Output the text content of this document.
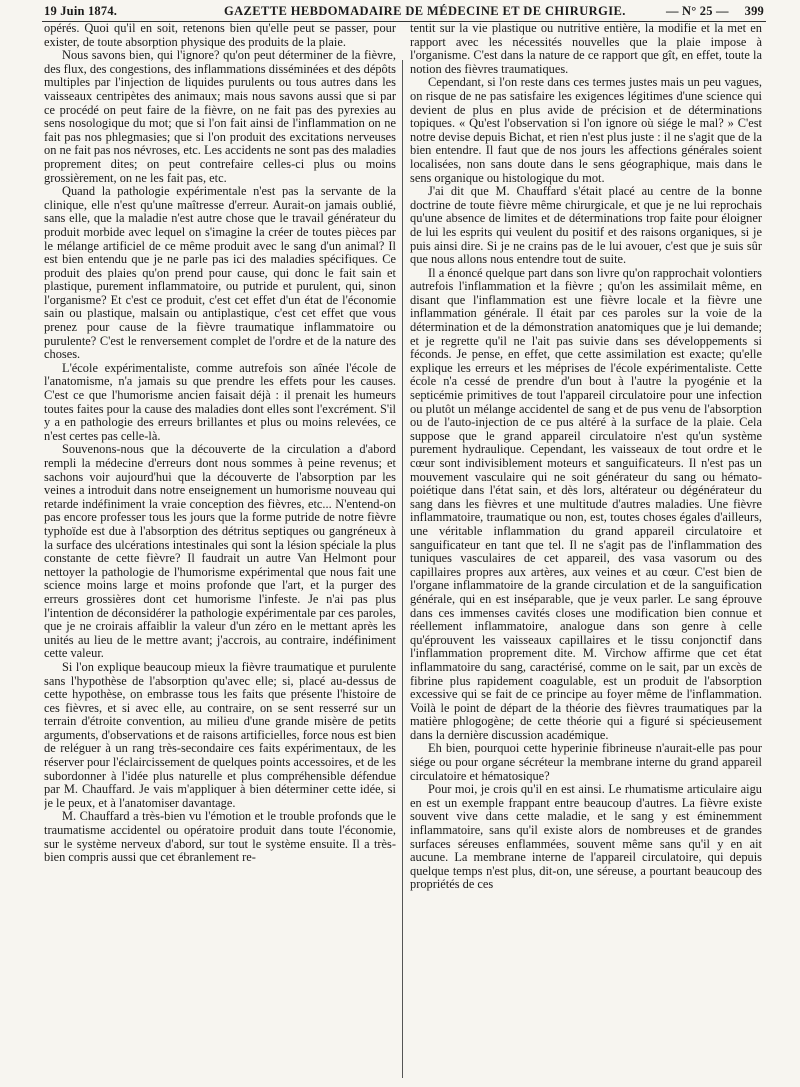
19 Juin 1874.	GAZETTE HEBDOMADAIRE DE MÉDECINE ET DE CHIRURGIE.	— N° 25 — 399

opérés. Quoi qu'il en soit, retenons bien qu'elle peut se passer, pour exister, de toute absorption physique des produits de la plaie.

Nous savons bien, qui l'ignore? qu'on peut déterminer de la fièvre, des flux, des congestions, des inflammations disséminées et des dépôts multiples par l'injection de liquides purulents ou tous autres dans les vaisseaux centripètes des animaux; mais nous savons aussi que si par ce procédé on peut faire de la fièvre, on ne fait pas des pyrexies au sens nosologique du mot; que si l'on fait ainsi de l'inflammation on ne fait pas nos phlegmasies; que si l'on produit des excitations nerveuses on ne fait pas nos névroses, etc. Les accidents ne sont pas des maladies proprement dites; on peut contrefaire celles-ci plus ou moins grossièrement, on ne les fait pas, etc.

Quand la pathologie expérimentale n'est pas la servante de la clinique, elle n'est qu'une maîtresse d'erreur. Aurait-on jamais oublié, sans elle, que la maladie n'est autre chose que le travail générateur du produit morbide avec lequel on s'imagine la créer de toutes pièces par le mélange artificiel de ce même produit avec le sang d'un animal? Il est bien entendu que je ne parle pas ici des maladies spécifiques. Ce produit des plaies qu'on prend pour cause, qui donc le fait sain et plastique, purement inflammatoire, ou putride et purulent, qui, sinon l'organisme? Et c'est ce produit, c'est cet effet d'un état de l'économie sain ou plastique, malsain ou antiplastique, c'est cet effet que vous prenez pour cause de la fièvre traumatique inflammatoire ou purulente? C'est le renversement complet de l'ordre et de la nature des choses.

L'école expérimentaliste, comme autrefois son aînée l'école de l'anatomisme, n'a jamais su que prendre les effets pour les causes. C'est ce que l'humorisme ancien faisait déjà : il prenait les humeurs toutes faites pour la cause des maladies dont elles sont l'excrément. S'il y a en pathologie des erreurs brillantes et plus ou moins relevées, ce n'est certes pas celle-là.

Souvenons-nous que la découverte de la circulation a d'abord rempli la médecine d'erreurs dont nous sommes à peine revenus; et sachons voir aujourd'hui que la découverte de l'absorption par les veines a introduit dans notre enseignement un humorisme nouveau qui retarde indéfiniment la vraie conception des fièvres, etc... N'entend-on pas encore professer tous les jours que la forme putride de notre fièvre typhoïde est due à l'absorption des détritus septiques ou gangréneux à la surface des ulcérations intestinales qui sont la lésion spéciale la plus constante de cette fièvre? Il faudrait un autre Van Helmont pour nettoyer la pathologie de l'humorisme expérimental que nous fait une science moins large et moins profonde que l'art, et la purger des erreurs grossières dont cet humorisme l'infeste. Je n'ai pas plus l'intention de déconsidérer la pathologie expérimentale par ces paroles, que je ne croirais affaiblir la valeur d'un zéro en le mettant après les unités au lieu de le mettre avant; j'accrois, au contraire, indéfiniment cette valeur.

Si l'on explique beaucoup mieux la fièvre traumatique et purulente sans l'hypothèse de l'absorption qu'avec elle; si, placé au-dessus de cette hypothèse, on embrasse tous les faits que présente l'histoire de ces fièvres, et si avec elle, au contraire, on se sent resserré sur un terrain d'étroite convention, au milieu d'une grande misère de petits arguments, d'observations et de raisons artificielles, force nous est bien de reléguer à un rang très-secondaire ces faits expérimentaux, de les réserver pour l'éclaircissement de quelques points accessoires, et de les subordonner à l'idée plus naturelle et plus compréhensible défendue par M. Chauffard. Je vais m'appliquer à bien déterminer cette idée, si je le peux, et à l'anatomiser davantage.

M. Chauffard a très-bien vu l'émotion et le trouble profonds que le traumatisme accidentel ou opératoire produit dans toute l'économie, sur le système nerveux d'abord, sur tout le système ensuite. Il a très-bien compris aussi que cet ébranlement re-

tentit sur la vie plastique ou nutritive entière, la modifie et la met en rapport avec les nécessités nouvelles que la plaie impose à l'organisme. C'est dans la nature de ce rapport que gît, en effet, toute la notion des fièvres traumatiques.

Cependant, si l'on reste dans ces termes justes mais un peu vagues, on risque de ne pas satisfaire les exigences légitimes d'une science qui devient de plus en plus avide de précision et de déterminations topiques. « Qu'est l'observation si l'on ignore où siége le mal? » C'est notre devise depuis Bichat, et rien n'est plus juste : il ne s'agit que de la bien entendre. Il faut que de nos jours les affections générales soient localisées, non sans doute dans le sens géographique, mais dans le sens organique ou histologique du mot.

J'ai dit que M. Chauffard s'était placé au centre de la bonne doctrine de toute fièvre même chirurgicale, et que je ne lui reprochais qu'une absence de limites et de déterminations trop faite pour éloigner de lui les esprits qui veulent du positif et des raisons organiques, si je puis ainsi dire. Si je ne crains pas de le lui avouer, c'est que je suis sûr que nous allons nous entendre tout de suite.

Il a énoncé quelque part dans son livre qu'on rapprochait volontiers autrefois l'inflammation et la fièvre ; qu'on les assimilait même, en disant que l'inflammation est une fièvre locale et la fièvre une inflammation générale. Il était par ces paroles sur la voie de la détermination et de la démonstration anatomiques que je lui demande; et je regrette qu'il ne l'ait pas suivie dans ses développements si féconds. Je pense, en effet, que cette assimilation est exacte; qu'elle explique les erreurs et les méprises de l'école expérimentaliste. Cette école n'a cessé de prendre d'un bout à l'autre la pyogénie et la septicémie primitives de tout l'appareil circulatoire pour une infection ou plutôt un mélange accidentel de sang et de pus venu de l'absorption ou de l'auto-injection de ce pus altéré à la surface de la plaie. Cela suppose que le grand appareil circulatoire n'est qu'un système purement hydraulique. Cependant, les vaisseaux de tout ordre et le cœur sont indivisiblement moteurs et sanguificateurs. Il n'est pas un mouvement vasculaire qui ne soit générateur du sang ou hémato-poiétique dans l'état sain, et dès lors, altérateur ou dégénérateur du sang dans les fièvres et une multitude d'autres maladies. Une fièvre inflammatoire, traumatique ou non, est, toutes choses égales d'ailleurs, une véritable inflammation du grand appareil circulatoire et sanguificateur en tant que tel. Il ne s'agit pas de l'inflammation des tuniques vasculaires de cet appareil, des vasa vasorum ou des capillaires propres aux artères, aux veines et au cœur. C'est bien de l'organe inflammatoire de la grande circulation et de la sanguification générale, qui en est inséparable, que je veux parler. Le sang éprouve dans ces immenses cavités closes une modification bien connue et réellement inflammatoire, analogue dans son genre à celle qu'éprouvent les vaisseaux capillaires et le tissu conjonctif dans l'inflammation proprement dite. M. Virchow affirme que cet état inflammatoire du sang, caractérisé, comme on le sait, par un excès de fibrine plus rapidement coagulable, est un produit de l'absorption excessive qui se fait de ce principe au foyer même de l'inflammation. Voilà le point de départ de la théorie des fièvres traumatiques par la matière phlogogène; de cette théorie qui a figuré si spécieusement dans la dernière discussion académique.

Eh bien, pourquoi cette hyperinie fibrineuse n'aurait-elle pas pour siége ou pour organe sécréteur la membrane interne du grand appareil circulatoire et hématosique?

Pour moi, je crois qu'il en est ainsi. Le rhumatisme articulaire aigu en est un exemple frappant entre beaucoup d'autres. La fièvre existe souvent vive dans cette maladie, et le sang y est éminemment inflammatoire, sans qu'il existe alors de nombreuses et de grandes surfaces séreuses enflammées, souvent même sans qu'il y en ait aucune. La membrane interne de l'appareil circulatoire, qui depuis quelque temps n'est plus, dit-on, une séreuse, a pourtant beaucoup des propriétés de ces
